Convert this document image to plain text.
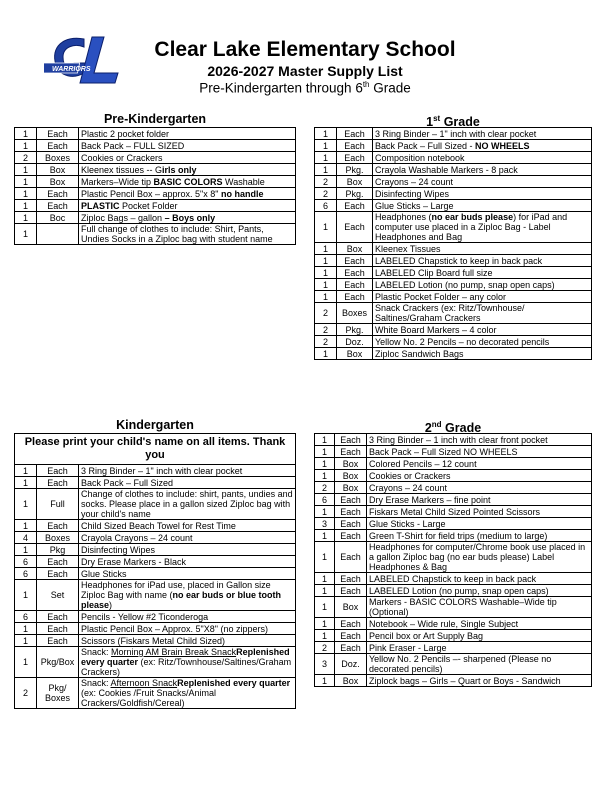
WARRIORS
Clear Lake Elementary School
2026-2027 Master Supply List
Pre-Kindergarten through 6th Grade
Pre-Kindergarten
1	Each	Plastic 2 pocket folder
1	Each	Back Pack – FULL SIZED
2	Boxes	Cookies or Crackers
1	Box	Kleenex tissues -- Girls only
1	Box	Markers–Wide tip BASIC COLORS Washable
1	Each	Plastic Pencil Box – approx. 5"x 8" no handle
1	Each	PLASTIC Pocket Folder
1	Boc	Ziploc Bags – gallon – Boys only
1		Full change of clothes to include: Shirt, Pants, Undies Socks in a Ziploc bag with student name
1st Grade
1	Each	3 Ring Binder – 1" inch with clear pocket
1	Each	Back Pack – Full Sized - NO WHEELS
1	Each	Composition notebook
1	Pkg.	Crayola Washable Markers - 8 pack
2	Box	Crayons – 24 count
2	Pkg.	Disinfecting Wipes
6	Each	Glue Sticks – Large
1	Each	Headphones (no ear buds please) for iPad and computer use placed in a Ziploc Bag - Label Headphones and Bag
1	Box	Kleenex Tissues
1	Each	LABELED Chapstick to keep in back pack
1	Each	LABELED Clip Board full size
1	Each	LABELED Lotion (no pump, snap open caps)
1	Each	Plastic Pocket Folder – any color
2	Boxes	Snack Crackers (ex: Ritz/Townhouse/ Saltines/Graham Crackers
2	Pkg.	White Board Markers – 4 color
2	Doz.	Yellow No. 2 Pencils – no decorated pencils
1	Box	Ziploc Sandwich Bags
Kindergarten
Please print your child's name on all items. Thank you		
1	Each	3 Ring Binder – 1" inch with clear pocket
1	Each	Back Pack – Full Sized
1	Full	Change of clothes to include: shirt, pants, undies and socks. Please place in a gallon sized Ziploc bag with your child's name
1	Each	Child Sized Beach Towel for Rest Time
4	Boxes	Crayola Crayons – 24 count
1	Pkg	Disinfecting Wipes
6	Each	Dry Erase Markers - Black
6	Each	Glue Sticks
1	Set	Headphones for iPad use, placed in Gallon size Ziploc Bag with name (no ear buds or blue tooth please)
6	Each	Pencils - Yellow #2 Ticonderoga
1	Each	Plastic Pencil Box – Approx. 5"X8" (no zippers)
1	Each	Scissors (Fiskars Metal Child Sized)
1	Pkg/Box	Snack: Morning AM Brain Break SnackReplenished every quarter (ex: Ritz/Townhouse/Saltines/Graham Crackers)
2	Pkg/ Boxes	Snack: Afternoon SnackReplenished every quarter (ex: Cookies /Fruit Snacks/Animal Crackers/Goldfish/Cereal)
2nd Grade
1	Each	3 Ring Binder – 1 inch with clear front pocket
1	Each	Back Pack – Full Sized NO WHEELS
1	Box	Colored Pencils – 12 count
1	Box	Cookies or Crackers
2	Box	Crayons – 24 count
6	Each	Dry Erase Markers – fine point
1	Each	Fiskars Metal Child Sized Pointed Scissors
3	Each	Glue Sticks - Large
1	Each	Green T-Shirt for field trips (medium to large)
1	Each	Headphones for computer/Chrome book use placed in a gallon Ziploc bag (no ear buds please) Label Headphones & Bag
1	Each	LABELED Chapstick to keep in back pack
1	Each	LABELED Lotion (no pump, snap open caps)
1	Box	Markers - BASIC COLORS Washable–Wide tip (Optional)
1	Each	Notebook – Wide rule, Single Subject
1	Each	Pencil box or Art Supply Bag
2	Each	Pink Eraser - Large
3	Doz.	Yellow No. 2 Pencils –- sharpened (Please no decorated pencils)
1	Box	Ziplock bags – Girls – Quart or Boys - Sandwich
